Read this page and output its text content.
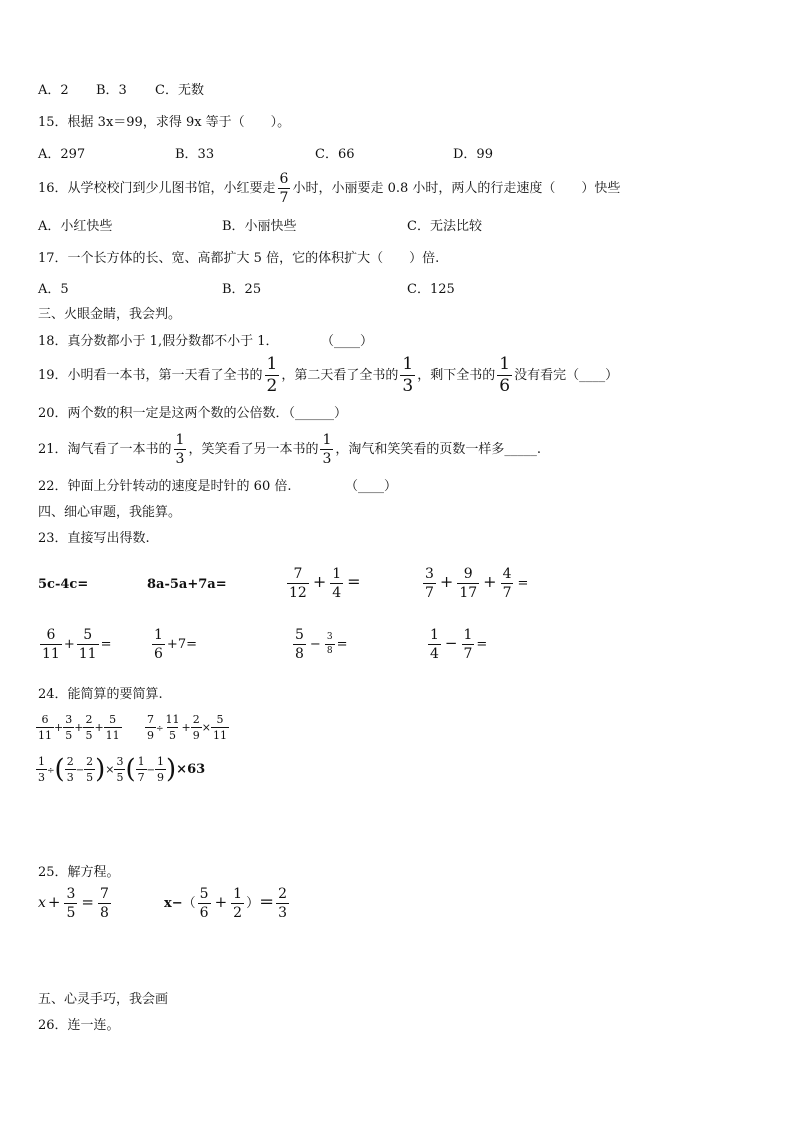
A．2 B．3 C．无数
15．根据 3x＝99，求得 9x 等于（　　）。
A．297	B．33	C．66	D．99
16．从学校校门到少儿图书馆，小红要走 $\frac{6}{7}$ 小时，小丽要走 0.8 小时，两人的行走速度（　　）快些
A．小红快些	B．小丽快些	C．无法比较
17．一个长方体的长、宽、高都扩大 5 倍，它的体积扩大（　　）倍.
A．5	B．25	C．125
三、火眼金睛，我会判。
18．真分数都小于 1,假分数都不小于 1．	（____）
19．小明看一本书，第一天看了全书的 $\frac{1}{2}$ ，第二天看了全书的 $\frac{1}{3}$ ，剩下全书的 $\frac{1}{6}$ 没有看完（____）
20．两个数的积一定是这两个数的公倍数．（______）
21．淘气看了一本书的 $\frac{1}{3}$ ，笑笑看了另一本书的 $\frac{1}{3}$ ，淘气和笑笑看的页数一样多_____.
22．钟面上分针转动的速度是时针的 60 倍.	（____）
四、细心审题，我能算。
23．直接写出得数.
5c-4c=	8a-5a+7a=	$\frac{7}{12} + \frac{1}{4}$ =	$\frac{3}{7} + \frac{9}{17} + \frac{4}{7}$ =
$\frac{6}{11} + \frac{5}{11}$ =	$\frac{1}{6} +7=$	$\frac{5}{8} - \frac{3}{8}$ =	$\frac{1}{4} - \frac{1}{7}$ =
24．能简算的要简算.
$\frac{6}{11} + \frac{3}{5} + \frac{2}{5} + \frac{5}{11} \frac{7}{9} \div \frac{11}{5} + \frac{2}{9} \times \frac{5}{11}$
$\frac{1}{3}$ ÷( $\frac{2}{3} - \frac{2}{5}$ )× $\frac{3}{5}$ ( $\frac{1}{7} - \frac{1}{9} )\times 63$
25．解方程。
$x + \frac{3}{5} = \frac{7}{8}$	$x-( \frac{5}{6} + \frac{1}{2}$ ）＝ $\frac{2}{3}$
五、心灵手巧，我会画
26．连一连。
